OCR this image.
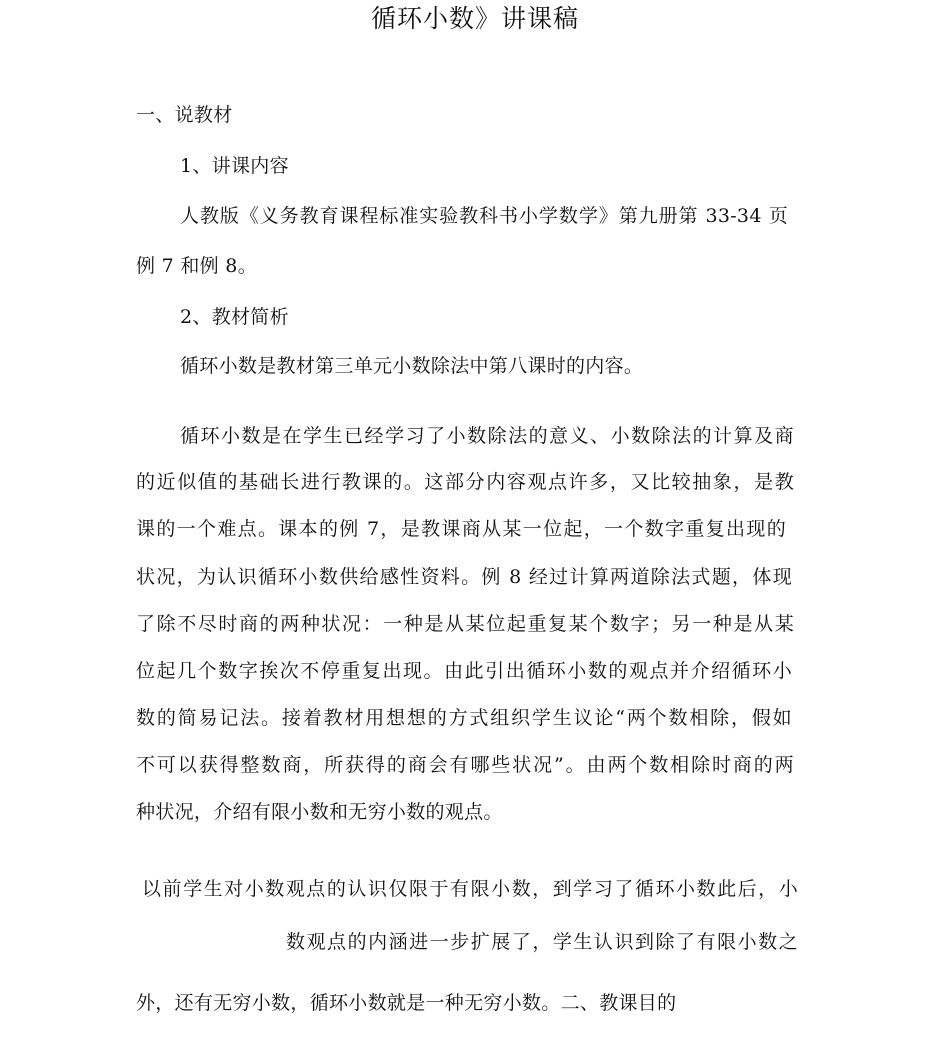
循环小数》讲课稿
一、说教材
1、讲课内容
人教版《义务教育课程标准实验教科书小学数学》第九册第 33-34 页
例 7 和例 8。
2、教材简析
循环小数是教材第三单元小数除法中第八课时的内容。
循环小数是在学生已经学习了小数除法的意义、小数除法的计算及商
的近似值的基础长进行教课的。这部分内容观点许多，又比较抽象，是教
课的一个难点。课本的例 7，是教课商从某一位起，一个数字重复出现的
状况，为认识循环小数供给感性资料。例 8 经过计算两道除法式题，体现
了除不尽时商的两种状况：一种是从某位起重复某个数字；另一种是从某
位起几个数字挨次不停重复出现。由此引出循环小数的观点并介绍循环小
数的简易记法。接着教材用想想的方式组织学生议论“两个数相除，假如
不可以获得整数商，所获得的商会有哪些状况”。由两个数相除时商的两
种状况，介绍有限小数和无穷小数的观点。
以前学生对小数观点的认识仅限于有限小数，到学习了循环小数此后，小
数观点的内涵进一步扩展了，学生认识到除了有限小数之
外，还有无穷小数，循环小数就是一种无穷小数。二、教课目的
